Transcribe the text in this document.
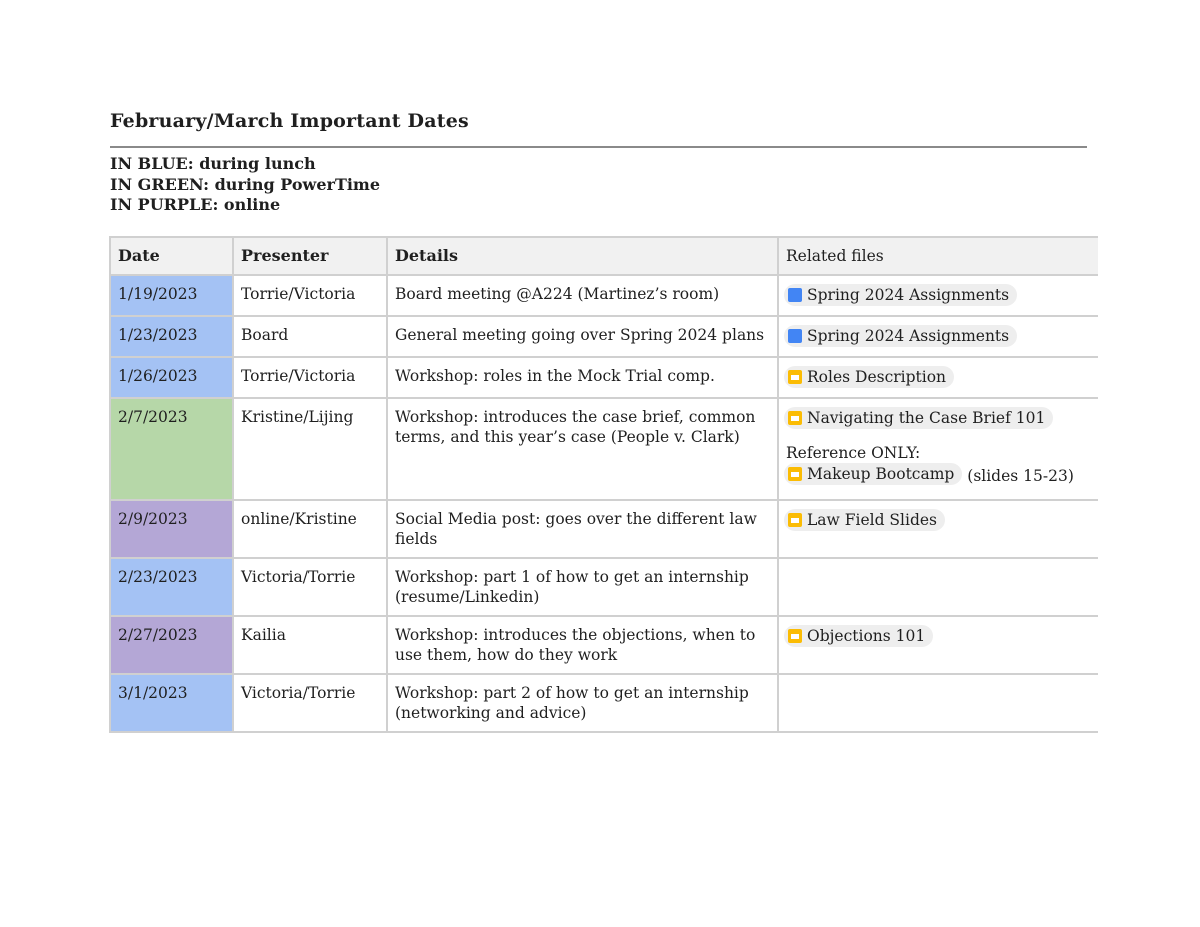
February/March Important Dates
IN BLUE: during lunch
IN GREEN: during PowerTime
IN PURPLE: online
Date	Presenter	Details	Related files
1/19/2023	Torrie/Victoria	Board meeting @A224 (Martinez’s room)	Spring 2024 Assignments

1/23/2023	Board	General meeting going over Spring 2024 plans	Spring 2024 Assignments

1/26/2023	Torrie/Victoria	Workshop: roles in the Mock Trial comp.	Roles Description

2/7/2023	Kristine/Lijing	Workshop: introduces the case brief, common terms, and this year’s case (People v. Clark)	Navigating the Case Brief 101
Reference ONLY:
Makeup Bootcamp (slides 15-23)

2/9/2023	online/Kristine	Social Media post: goes over the different law fields	Law Field Slides

2/23/2023	Victoria/Torrie	Workshop: part 1 of how to get an internship (resume/Linkedin)	
2/27/2023	Kailia	Workshop: introduces the objections, when to use them, how do they work	Objections 101

3/1/2023	Victoria/Torrie	Workshop: part 2 of how to get an internship (networking and advice)	
